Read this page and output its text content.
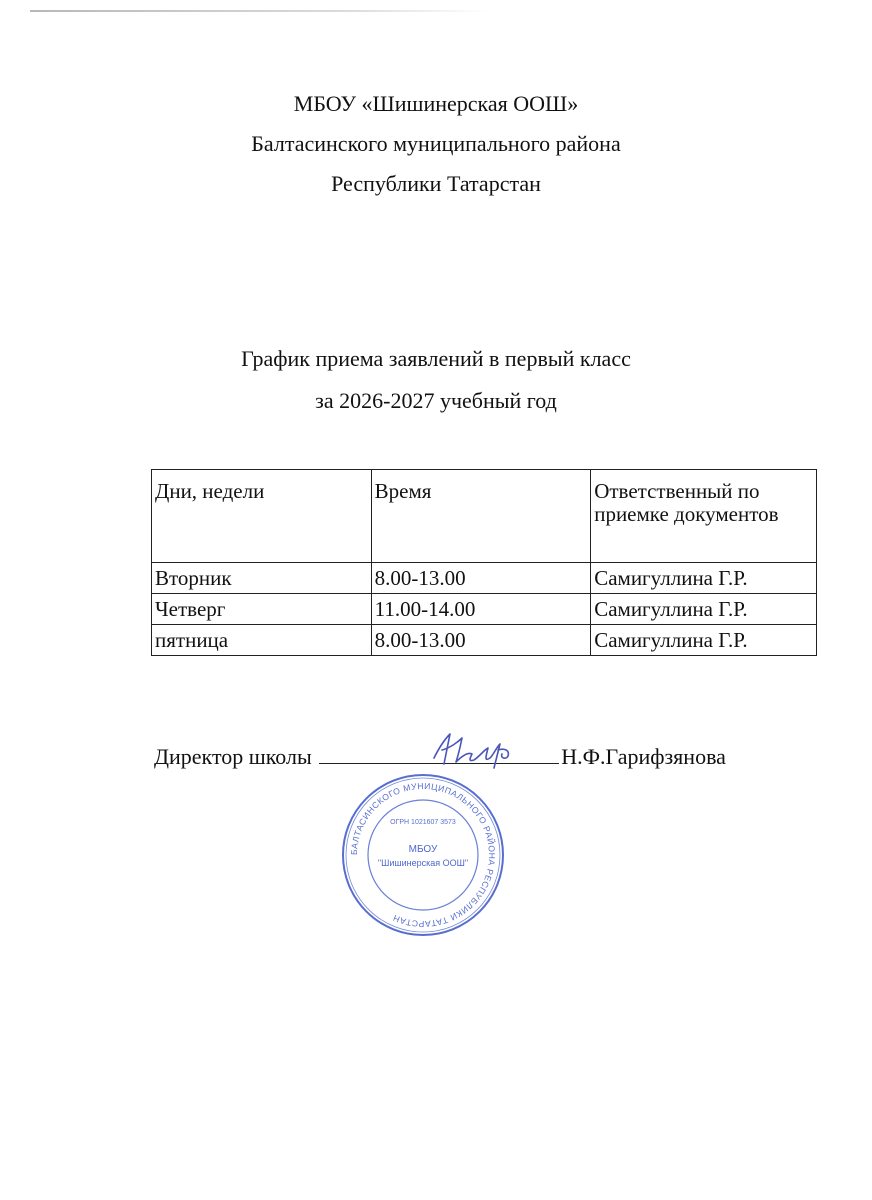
МБОУ «Шишинерская ООШ»
Балтасинского муниципального района
Республики Татарстан
График приема заявлений в первый класс
за 2026-2027 учебный год
Дни, недели	Время	Ответственный по приемке документов
Вторник	8.00-13.00	Самигуллина Г.Р.
Четверг	11.00-14.00	Самигуллина Г.Р.
пятница	8.00-13.00	Самигуллина Г.Р.
Директор школы	Н.Ф.Гарифзянова
БАЛТАСИНСКОГО МУНИЦИПАЛЬНОГО РАЙОНА РЕСПУБЛИКИ ТАТАРСТАН
ОГРН 1021607 3573
МБОУ
"Шишинерская ООШ"
